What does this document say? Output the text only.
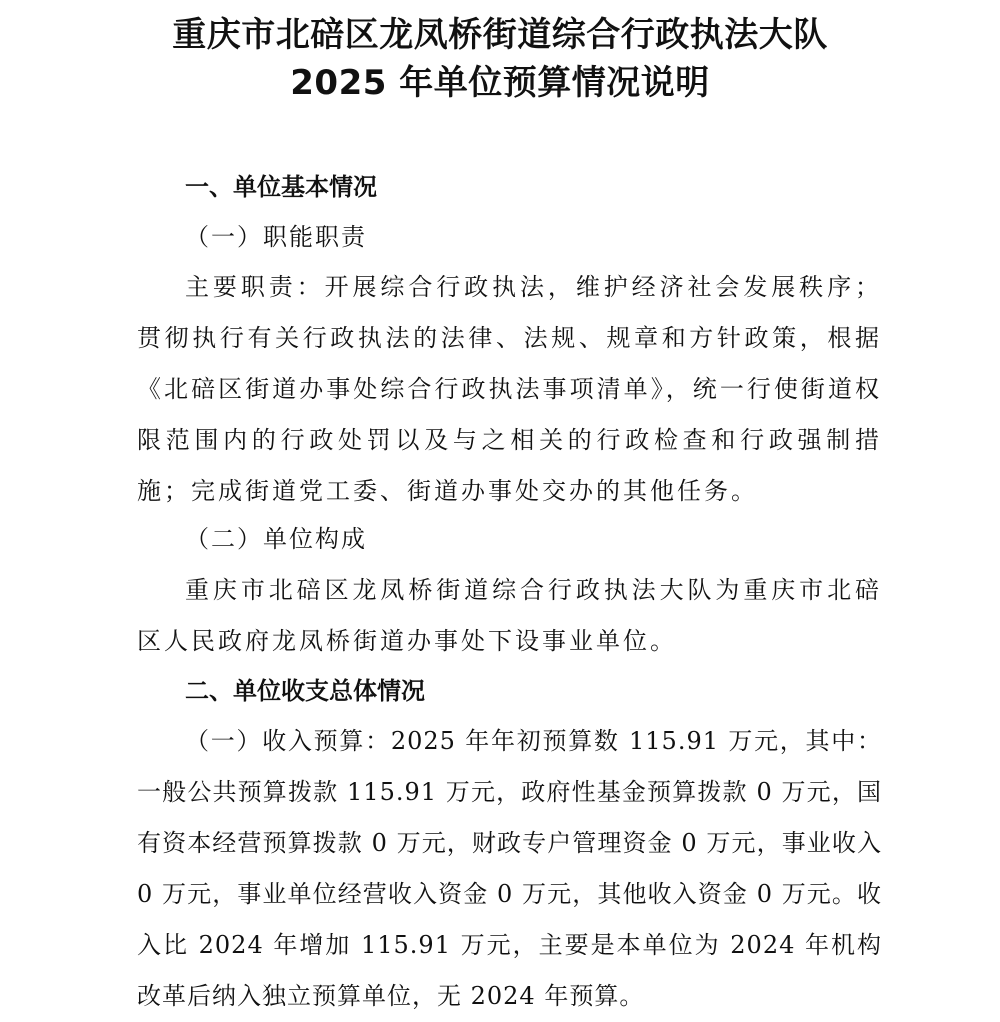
重庆市北碚区龙凤桥街道综合行政执法大队
2025 年单位预算情况说明
一、单位基本情况
（一）职能职责

主要职责：开展综合行政执法，维护经济社会发展秩序；贯彻执行有关行政执法的法律、法规、规章和方针政策，根据《北碚区街道办事处综合行政执法事项清单》，统一行使街道权限范围内的行政处罚以及与之相关的行政检查和行政强制措施；完成街道党工委、街道办事处交办的其他任务。

（二）单位构成

重庆市北碚区龙凤桥街道综合行政执法大队为重庆市北碚区人民政府龙凤桥街道办事处下设事业单位。

二、单位收支总体情况

（一）收入预算：2025 年年初预算数 115.91 万元，其中：一般公共预算拨款 115.91 万元，政府性基金预算拨款 0 万元，国有资本经营预算拨款 0 万元，财政专户管理资金 0 万元，事业收入 0 万元，事业单位经营收入资金 0 万元，其他收入资金 0 万元。收入比 2024 年增加 115.91 万元，主要是本单位为 2024 年机构改革后纳入独立预算单位，无 2024 年预算。
